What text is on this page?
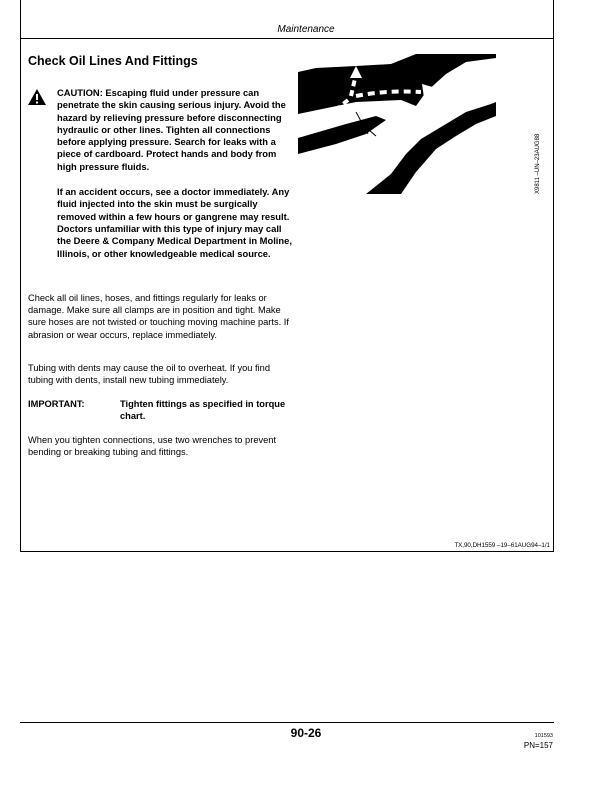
Maintenance
Check Oil Lines And Fittings

CAUTION: Escaping fluid under pressure can penetrate the skin causing serious injury. Avoid the hazard by relieving pressure before disconnecting hydraulic or other lines. Tighten all connections before applying pressure. Search for leaks with a piece of cardboard. Protect hands and body from high pressure fluids.

If an accident occurs, see a doctor immediately. Any fluid injected into the skin must be surgically removed within a few hours or gangrene may result. Doctors unfamiliar with this type of injury may call the Deere & Company Medical Department in Moline, Illinois, or other knowledgeable medical source.

X9811 –UN–23AUG88

Check all oil lines, hoses, and fittings regularly for leaks or damage. Make sure all clamps are in position and tight. Make sure hoses are not twisted or touching moving machine parts. If abrasion or wear occurs, replace immediately.

Tubing with dents may cause the oil to overheat. If you find tubing with dents, install new tubing immediately.

IMPORTANT:	Tighten fittings as specified in torque chart.

When you tighten connections, use two wrenches to prevent bending or breaking tubing and fittings.

TX,90,DH1559 –19–61AUG94–1/1
90-26	101593
PN=157
